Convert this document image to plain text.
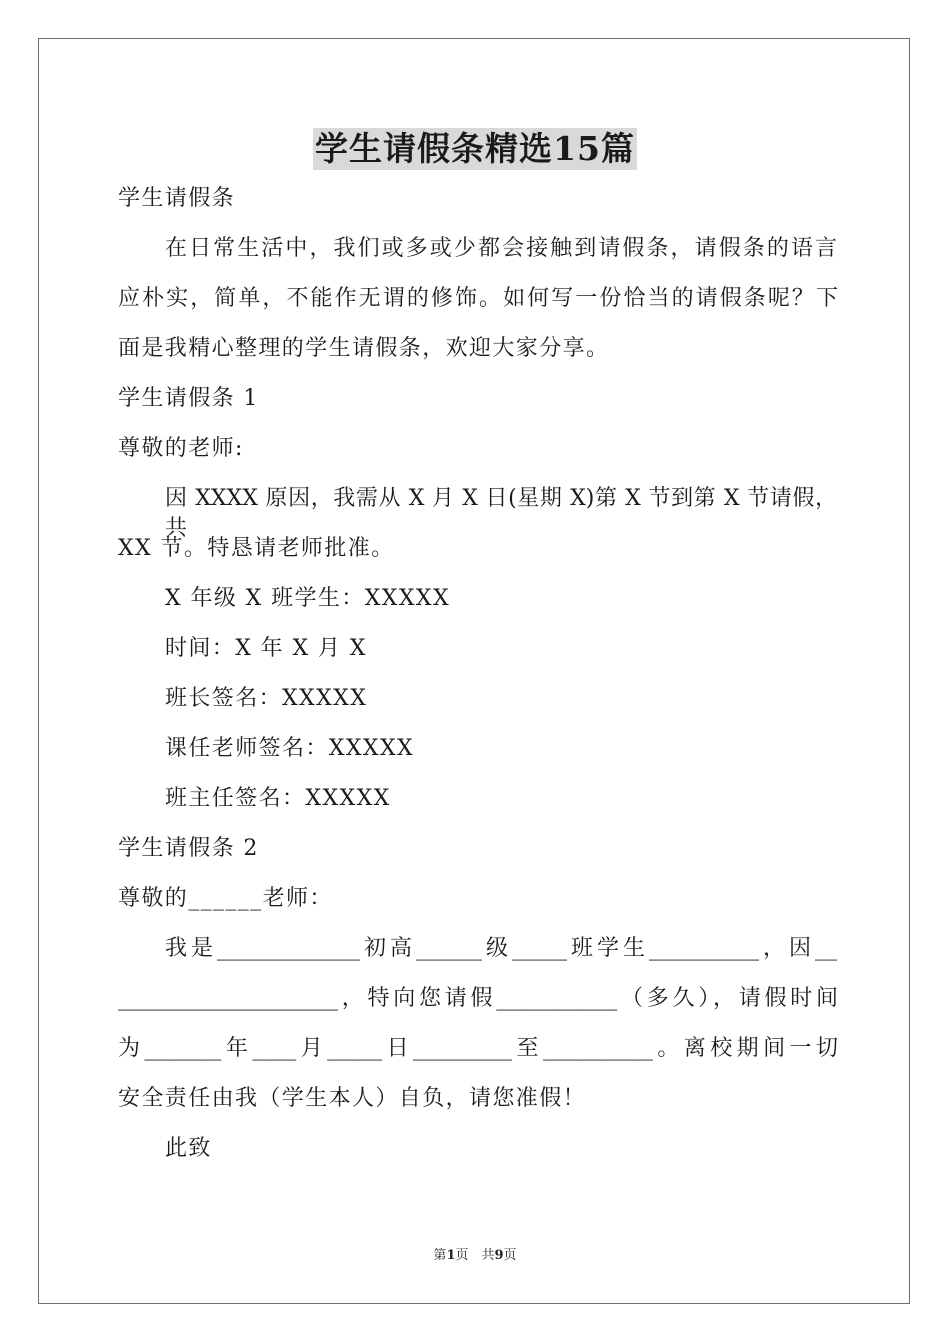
学生请假条精选15篇
学生请假条
在日常生活中，我们或多或少都会接触到请假条，请假条的语言
应朴实，简单，不能作无谓的修饰。如何写一份恰当的请假条呢？下
面是我精心整理的学生请假条，欢迎大家分享。
学生请假条 1
尊敬的老师:
因 XXXX 原因，我需从 X 月 X 日(星期 X)第 X 节到第 X 节请假，共
XX 节。特恳请老师批准。
X 年级 X 班学生：XXXXX
时间：X 年 X 月 X
班长签名：XXXXX
课任老师签名：XXXXX
班主任签名：XXXXX
学生请假条 2
尊敬的______老师：
我是_____________初高______级_____班学生__________，因__
____________________，特向您请假___________（多久），请假时间
为_______年____月_____日_________至__________。离校期间一切
安全责任由我（学生本人）自负，请您准假！
此致
第1页　共9页
